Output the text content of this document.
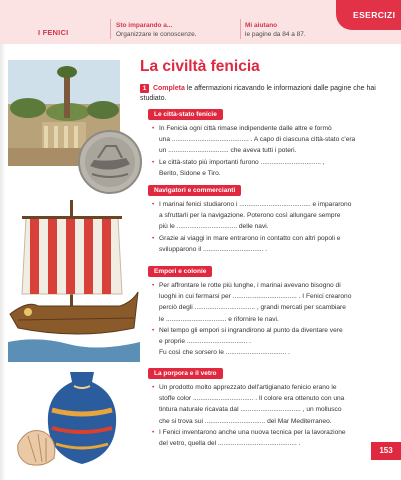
I FENICI
Sto imparando a...
Organizzare le conoscenze.
Mi aiutano
le pagine da 84 a 87.
ESERCIZI
La civiltà fenicia
1 Completa le affermazioni ricavando le informazioni dalle pagine che hai studiato.
Le città-stato fenicie

• In Fenicia ogni città rimase indipendente dalle altre e formò

una .......................................... . A capo di ciascuna città-stato c'era

un ................................. che aveva tutti i poteri.

• Le città-stato più importanti furono ................................. ,

Berito, Sidone e Tiro.

Navigatori e commercianti

• I marinai fenici studiarono i ....................................... e impararono

a sfruttarli per la navigazione. Poterono così allungare sempre

più le ................................. delle navi.

• Grazie ai viaggi in mare entrarono in contatto con altri popoli e

svilupparono il ................................. .

Empori e colonie

• Per affrontare le rotte più lunghe, i marinai avevano bisogno di

luoghi in cui fermarsi per ................................... . I Fenici crearono

perciò degli ................................. , grandi mercati per scambiare

le ................................. e rifornire le navi.

• Nel tempo gli empori si ingrandirono al punto da diventare vere

e proprie ................................. .

Fu così che sorsero le ................................. .

La porpora e il vetro

• Un prodotto molto apprezzato dell'artigianato fenicio erano le

stoffe color ................................. . Il colore era ottenuto con una

tintura naturale ricavata dal ................................. , un mollusco

che si trova sui ................................. del Mar Mediterraneo.

• I Fenici inventarono anche una nuova tecnica per la lavorazione

del vetro, quella del ........................................... .

153
